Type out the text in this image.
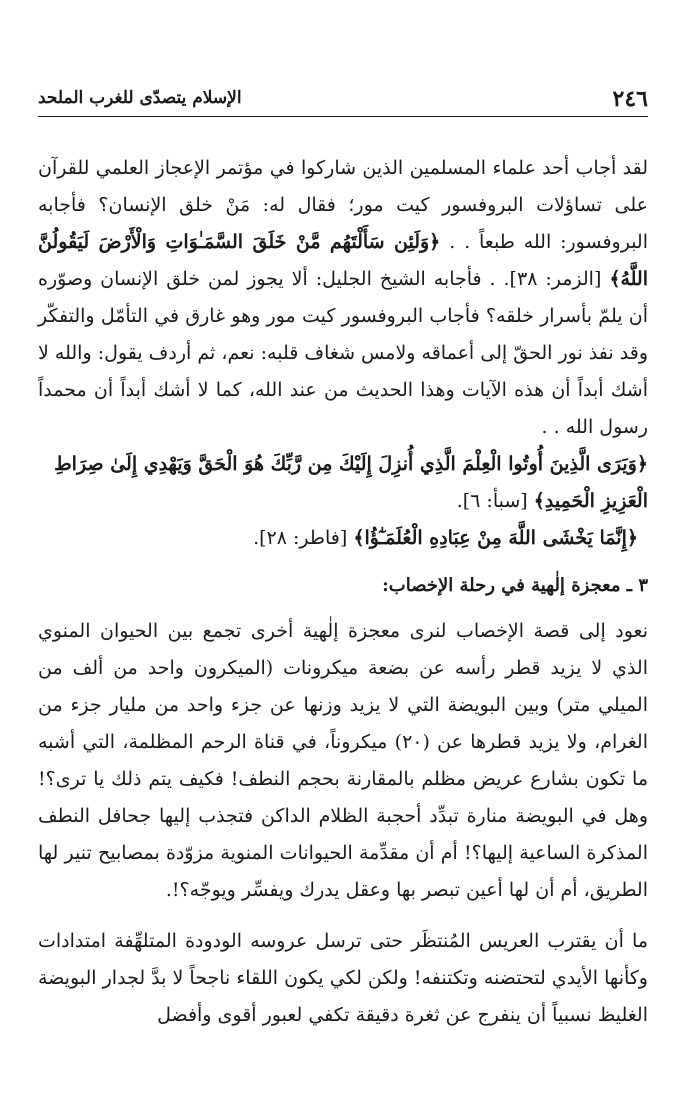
٢٤٦
الإسلام يتصدّى للغرب الملحد

لقد أجاب أحد علماء المسلمين الذين شاركوا في مؤتمر الإعجاز العلمي للقرآن على تساؤلات البروفسور كيت مور؛ فقال له: مَنْ خلق الإنسان؟ فأجابه البروفسور: الله طبعاً . . ﴿وَلَئِن سَأَلْتَهُم مَّنْ خَلَقَ السَّمَـٰوَاتِ وَالْأَرْضَ لَيَقُولُنَّ اللَّهُ﴾ [الزمر: ٣٨]. . فأجابه الشيخ الجليل: ألا يجوز لمن خلق الإنسان وصوّره أن يلمّ بأسرار خلقه؟ فأجاب البروفسور كيت مور وهو غارق في التأمّل والتفكّر وقد نفذ نور الحقّ إلى أعماقه ولامس شغاف قلبه: نعم، ثم أردف يقول: والله لا أشك أبداً أن هذه الآيات وهذا الحديث من عند الله، كما لا أشك أبداً أن محمداً رسول الله . .

﴿وَيَرَى الَّذِينَ أُوتُوا الْعِلْمَ الَّذِي أُنزِلَ إِلَيْكَ مِن رَّبِّكَ هُوَ الْحَقَّ وَيَهْدِي إِلَىٰ صِرَاطِ الْعَزِيزِ الْحَمِيدِ﴾ [سبأ: ٦].

﴿إِنَّمَا يَخْشَى اللَّهَ مِنْ عِبَادِهِ الْعُلَمَـٰٓؤُا﴾ [فاطر: ٢٨].

٣ ـ معجزة إلٰهية في رحلة الإخصاب:

نعود إلى قصة الإخصاب لنرى معجزة إلٰهية أخرى تجمع بين الحيوان المنوي الذي لا يزيد قطر رأسه عن بضعة ميكرونات (الميكرون واحد من ألف من الميلي متر) وبين البويضة التي لا يزيد وزنها عن جزء واحد من مليار جزء من الغرام، ولا يزيد قطرها عن (٢٠) ميكروناً، في قناة الرحم المظلمة، التي أشبه ما تكون بشارع عريض مظلم بالمقارنة بحجم النطف! فكيف يتم ذلك يا ترى؟! وهل في البويضة منارة تبدِّد أحجبة الظلام الداكن فتجذب إليها جحافل النطف المذكرة الساعية إليها؟! أم أن مقدِّمة الحيوانات المنوية مزوّدة بمصابيح تنير لها الطريق، أم أن لها أعين تبصر بها وعقل يدرك ويفسِّر ويوجّه؟!.

ما أن يقترب العريس المُنتظَر حتى ترسل عروسه الودودة المتلهِّفة امتدادات وكأنها الأيدي لتحتضنه وتكتنفه! ولكن لكي يكون اللقاء ناجحاً لا بدَّ لجدار البويضة الغليظ نسبياً أن ينفرج عن ثغرة دقيقة تكفي لعبور أقوى وأفضل
